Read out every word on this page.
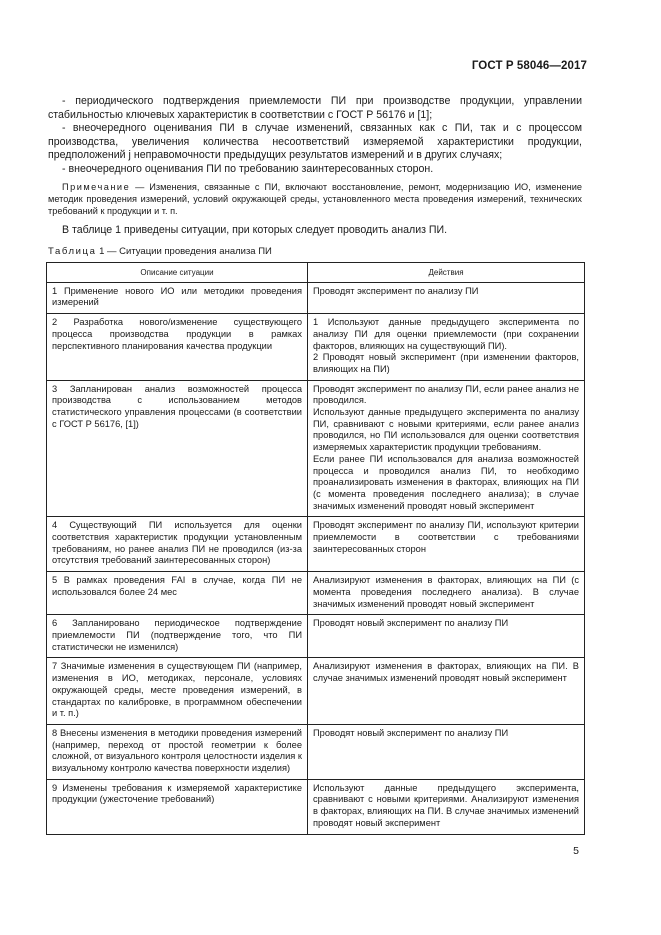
ГОСТ Р 58046—2017

- периодического подтверждения приемлемости ПИ при производстве продукции, управлении стабильностью ключевых характеристик в соответствии с ГОСТ Р 56176 и [1];

- внеочередного оценивания ПИ в случае изменений, связанных как с ПИ, так и с процессом производства, увеличения количества несоответствий измеряемой характеристики продукции, предположений j неправомочности предыдущих результатов измерений и в других случаях;

- внеочередного оценивания ПИ по требованию заинтересованных сторон.

Примечание — Изменения, связанные с ПИ, включают восстановление, ремонт, модернизацию ИО, изменение методик проведения измерений, условий окружающей среды, установленного места проведения измерений, технических требований к продукции и т. п.

В таблице 1 приведены ситуации, при которых следует проводить анализ ПИ.

Таблица 1 — Ситуации проведения анализа ПИ
Описание ситуации	Действия
1 Применение нового ИО или методики проведения измерений	Проводят эксперимент по анализу ПИ

2 Разработка нового/изменение существующего процесса производства продукции в рамках перспективного планирования качества продукции	1 Используют данные предыдущего эксперимента по анализу ПИ для оценки приемлемости (при сохранении факторов, влияющих на существующий ПИ).

2 Проводят новый эксперимент (при изменении факторов, влияющих на ПИ)

3 Запланирован анализ возможностей процесса производства с использованием методов статистического управления процессами (в соответствии с ГОСТ Р 56176, [1])	Проводят эксперимент по анализу ПИ, если ранее анализ не проводился.

Используют данные предыдущего эксперимента по анализу ПИ, сравнивают с новыми критериями, если ранее анализ проводился, но ПИ использовался для оценки соответствия измеряемых характеристик продукции требованиям.

Если ранее ПИ использовался для анализа возможностей процесса и проводился анализ ПИ, то необходимо проанализировать изменения в факторах, влияющих на ПИ (с момента проведения последнего анализа); в случае значимых изменений проводят новый эксперимент

4 Существующий ПИ используется для оценки соответствия характеристик продукции установленным требованиям, но ранее анализ ПИ не проводился (из-за отсутствия требований заинтересованных сторон)	Проводят эксперимент по анализу ПИ, используют критерии приемлемости в соответствии с требованиями заинтересованных сторон

5 В рамках проведения FAI в случае, когда ПИ не использовался более 24 мес	Анализируют изменения в факторах, влияющих на ПИ (с момента проведения последнего анализа). В случае значимых изменений проводят новый эксперимент

6 Запланировано периодическое подтверждение приемлемости ПИ (подтверждение того, что ПИ статистически не изменился)	Проводят новый эксперимент по анализу ПИ

7 Значимые изменения в существующем ПИ (например, изменения в ИО, методиках, персонале, условиях окружающей среды, месте проведения измерений, в стандартах по калибровке, в программном обеспечении и т. п.)	Анализируют изменения в факторах, влияющих на ПИ. В случае значимых изменений проводят новый эксперимент

8 Внесены изменения в методики проведения измерений (например, переход от простой геометрии к более сложной, от визуального контроля целостности изделия к визуальному контролю качества поверхности изделия)	Проводят новый эксперимент по анализу ПИ

9 Изменены требования к измеряемой характеристике продукции (ужесточение требований)	Используют данные предыдущего эксперимента, сравнивают с новыми критериями. Анализируют изменения в факторах, влияющих на ПИ. В случае значимых изменений проводят новый эксперимент

5
